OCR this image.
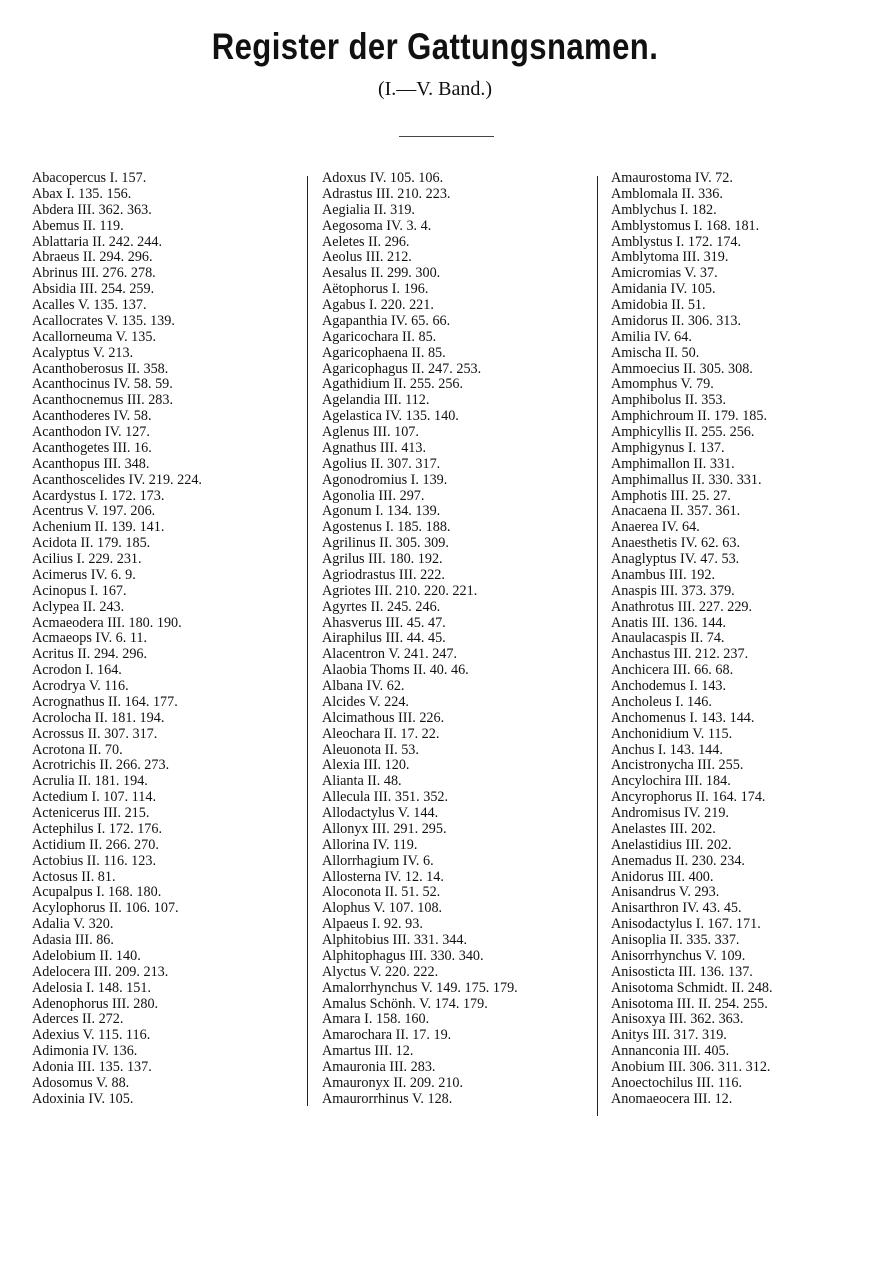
Register der Gattungsnamen.
(I.—V. Band.)
Abacopercus I. 157.
Abax I. 135. 156.
Abdera III. 362. 363.
Abemus II. 119.
Ablattaria II. 242. 244.
Abraeus II. 294. 296.
Abrinus III. 276. 278.
Absidia III. 254. 259.
Acalles V. 135. 137.
Acallocrates V. 135. 139.
Acallorneuma V. 135.
Acalyptus V. 213.
Acanthoberosus II. 358.
Acanthocinus IV. 58. 59.
Acanthocnemus III. 283.
Acanthoderes IV. 58.
Acanthodon IV. 127.
Acanthogetes III. 16.
Acanthopus III. 348.
Acanthoscelides IV. 219. 224.
Acardystus I. 172. 173.
Acentrus V. 197. 206.
Achenium II. 139. 141.
Acidota II. 179. 185.
Acilius I. 229. 231.
Acimerus IV. 6. 9.
Acinopus I. 167.
Aclypea II. 243.
Acmaeodera III. 180. 190.
Acmaeops IV. 6. 11.
Acritus II. 294. 296.
Acrodon I. 164.
Acrodrya V. 116.
Acrognathus II. 164. 177.
Acrolocha II. 181. 194.
Acrossus II. 307. 317.
Acrotona II. 70.
Acrotrichis II. 266. 273.
Acrulia II. 181. 194.
Actedium I. 107. 114.
Actenicerus III. 215.
Actephilus I. 172. 176.
Actidium II. 266. 270.
Actobius II. 116. 123.
Actosus II. 81.
Acupalpus I. 168. 180.
Acylophorus II. 106. 107.
Adalia V. 320.
Adasia III. 86.
Adelobium II. 140.
Adelocera III. 209. 213.
Adelosia I. 148. 151.
Adenophorus III. 280.
Aderces II. 272.
Adexius V. 115. 116.
Adimonia IV. 136.
Adonia III. 135. 137.
Adosomus V. 88.
Adoxinia IV. 105.
Adoxus IV. 105. 106.
Adrastus III. 210. 223.
Aegialia II. 319.
Aegosoma IV. 3. 4.
Aeletes II. 296.
Aeolus III. 212.
Aesalus II. 299. 300.
Aëtophorus I. 196.
Agabus I. 220. 221.
Agapanthia IV. 65. 66.
Agaricochara II. 85.
Agaricophaena II. 85.
Agaricophagus II. 247. 253.
Agathidium II. 255. 256.
Agelandia III. 112.
Agelastica IV. 135. 140.
Aglenus III. 107.
Agnathus III. 413.
Agolius II. 307. 317.
Agonodromius I. 139.
Agonolia III. 297.
Agonum I. 134. 139.
Agostenus I. 185. 188.
Agrilinus II. 305. 309.
Agrilus III. 180. 192.
Agriodrastus III. 222.
Agriotes III. 210. 220. 221.
Agyrtes II. 245. 246.
Ahasverus III. 45. 47.
Airaphilus III. 44. 45.
Alacentron V. 241. 247.
Alaobia Thoms II. 40. 46.
Albana IV. 62.
Alcides V. 224.
Alcimathous III. 226.
Aleochara II. 17. 22.
Aleuonota II. 53.
Alexia III. 120.
Alianta II. 48.
Allecula III. 351. 352.
Allodactylus V. 144.
Allonyx III. 291. 295.
Allorina IV. 119.
Allorrhagium IV. 6.
Allosterna IV. 12. 14.
Aloconota II. 51. 52.
Alophus V. 107. 108.
Alpaeus I. 92. 93.
Alphitobius III. 331. 344.
Alphitophagus III. 330. 340.
Alyctus V. 220. 222.
Amalorrhynchus V. 149. 175. 179.
Amalus Schönh. V. 174. 179.
Amara I. 158. 160.
Amarochara II. 17. 19.
Amartus III. 12.
Amauronia III. 283.
Amauronyx II. 209. 210.
Amaurorrhinus V. 128.
Amaurostoma IV. 72.
Amblomala II. 336.
Amblychus I. 182.
Amblystomus I. 168. 181.
Amblystus I. 172. 174.
Amblytoma III. 319.
Amicromias V. 37.
Amidania IV. 105.
Amidobia II. 51.
Amidorus II. 306. 313.
Amilia IV. 64.
Amischa II. 50.
Ammoecius II. 305. 308.
Amomphus V. 79.
Amphibolus II. 353.
Amphichroum II. 179. 185.
Amphicyllis II. 255. 256.
Amphigynus I. 137.
Amphimallon II. 331.
Amphimallus II. 330. 331.
Amphotis III. 25. 27.
Anacaena II. 357. 361.
Anaerea IV. 64.
Anaesthetis IV. 62. 63.
Anaglyptus IV. 47. 53.
Anambus III. 192.
Anaspis III. 373. 379.
Anathrotus III. 227. 229.
Anatis III. 136. 144.
Anaulacaspis II. 74.
Anchastus III. 212. 237.
Anchicera III. 66. 68.
Anchodemus I. 143.
Ancholeus I. 146.
Anchomenus I. 143. 144.
Anchonidium V. 115.
Anchus I. 143. 144.
Ancistronycha III. 255.
Ancylochira III. 184.
Ancyrophorus II. 164. 174.
Andromisus IV. 219.
Anelastes III. 202.
Anelastidius III. 202.
Anemadus II. 230. 234.
Anidorus III. 400.
Anisandrus V. 293.
Anisarthron IV. 43. 45.
Anisodactylus I. 167. 171.
Anisoplia II. 335. 337.
Anisorrhynchus V. 109.
Anisosticta III. 136. 137.
Anisotoma Schmidt. II. 248.
Anisotoma III. II. 254. 255.
Anisoxya III. 362. 363.
Anitys III. 317. 319.
Annanconia III. 405.
Anobium III. 306. 311. 312.
Anoectochilus III. 116.
Anomaeocera III. 12.
